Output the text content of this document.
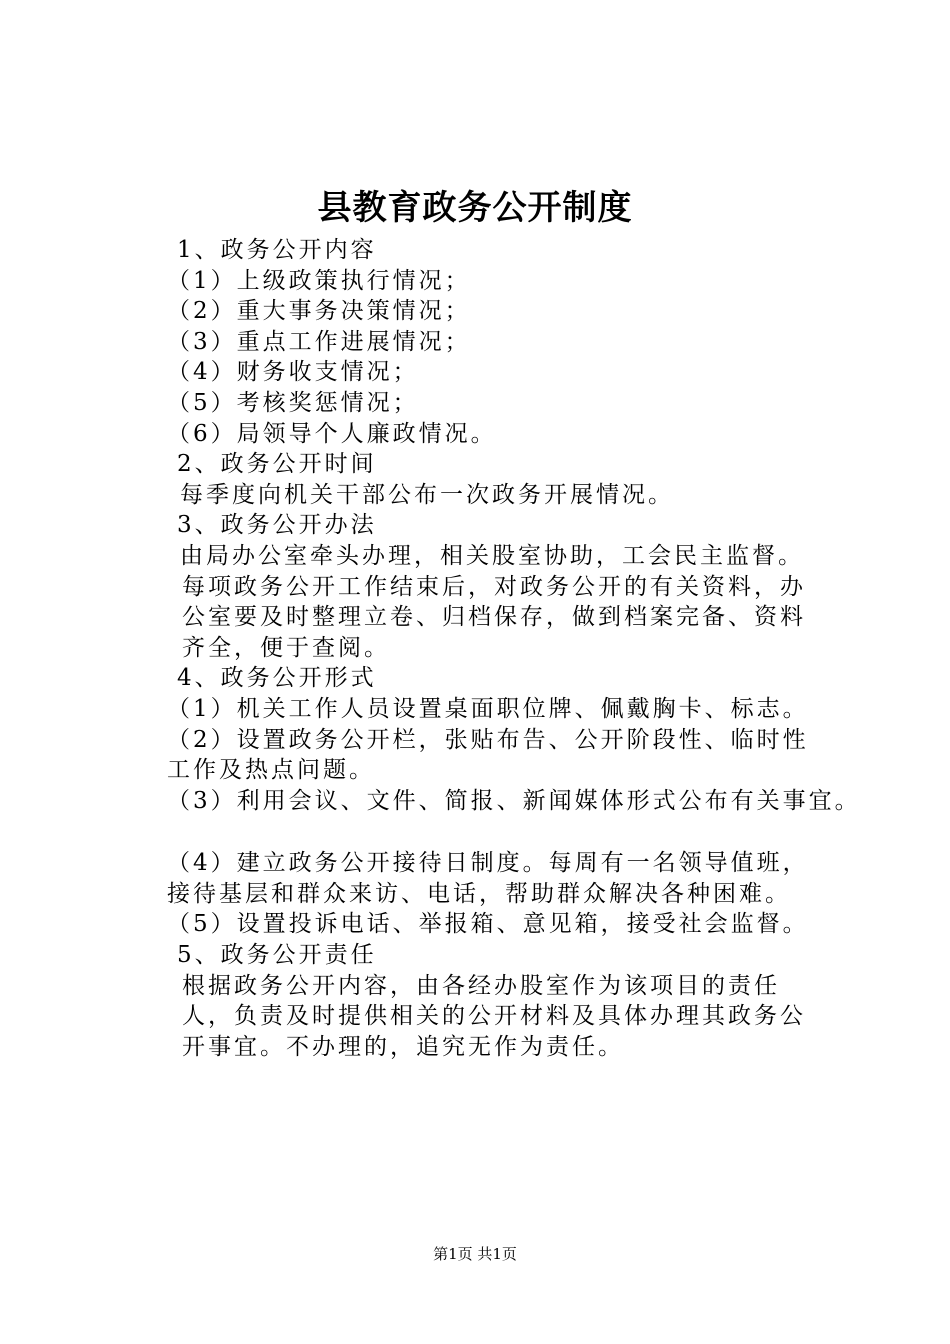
县教育政务公开制度

1、政务公开内容

（1）上级政策执行情况；

（2）重大事务决策情况；

（3）重点工作进展情况；

（4）财务收支情况；

（5）考核奖惩情况；

（6）局领导个人廉政情况。

2、政务公开时间

每季度向机关干部公布一次政务开展情况。

3、政务公开办法

由局办公室牵头办理，相关股室协助，工会民主监督。

每项政务公开工作结束后，对政务公开的有关资料，办公室要及时整理立卷、归档保存，做到档案完备、资料齐全，便于查阅。

4、政务公开形式

（1）机关工作人员设置桌面职位牌、佩戴胸卡、标志。

（2）设置政务公开栏，张贴布告、公开阶段性、临时性工作及热点问题。

（3）利用会议、文件、简报、新闻媒体形式公布有关事宜。

（4）建立政务公开接待日制度。每周有一名领导值班，接待基层和群众来访、电话，帮助群众解决各种困难。

（5）设置投诉电话、举报箱、意见箱，接受社会监督。

5、政务公开责任

根据政务公开内容，由各经办股室作为该项目的责任人，负责及时提供相关的公开材料及具体办理其政务公开事宜。不办理的，追究无作为责任。

第1页 共1页
